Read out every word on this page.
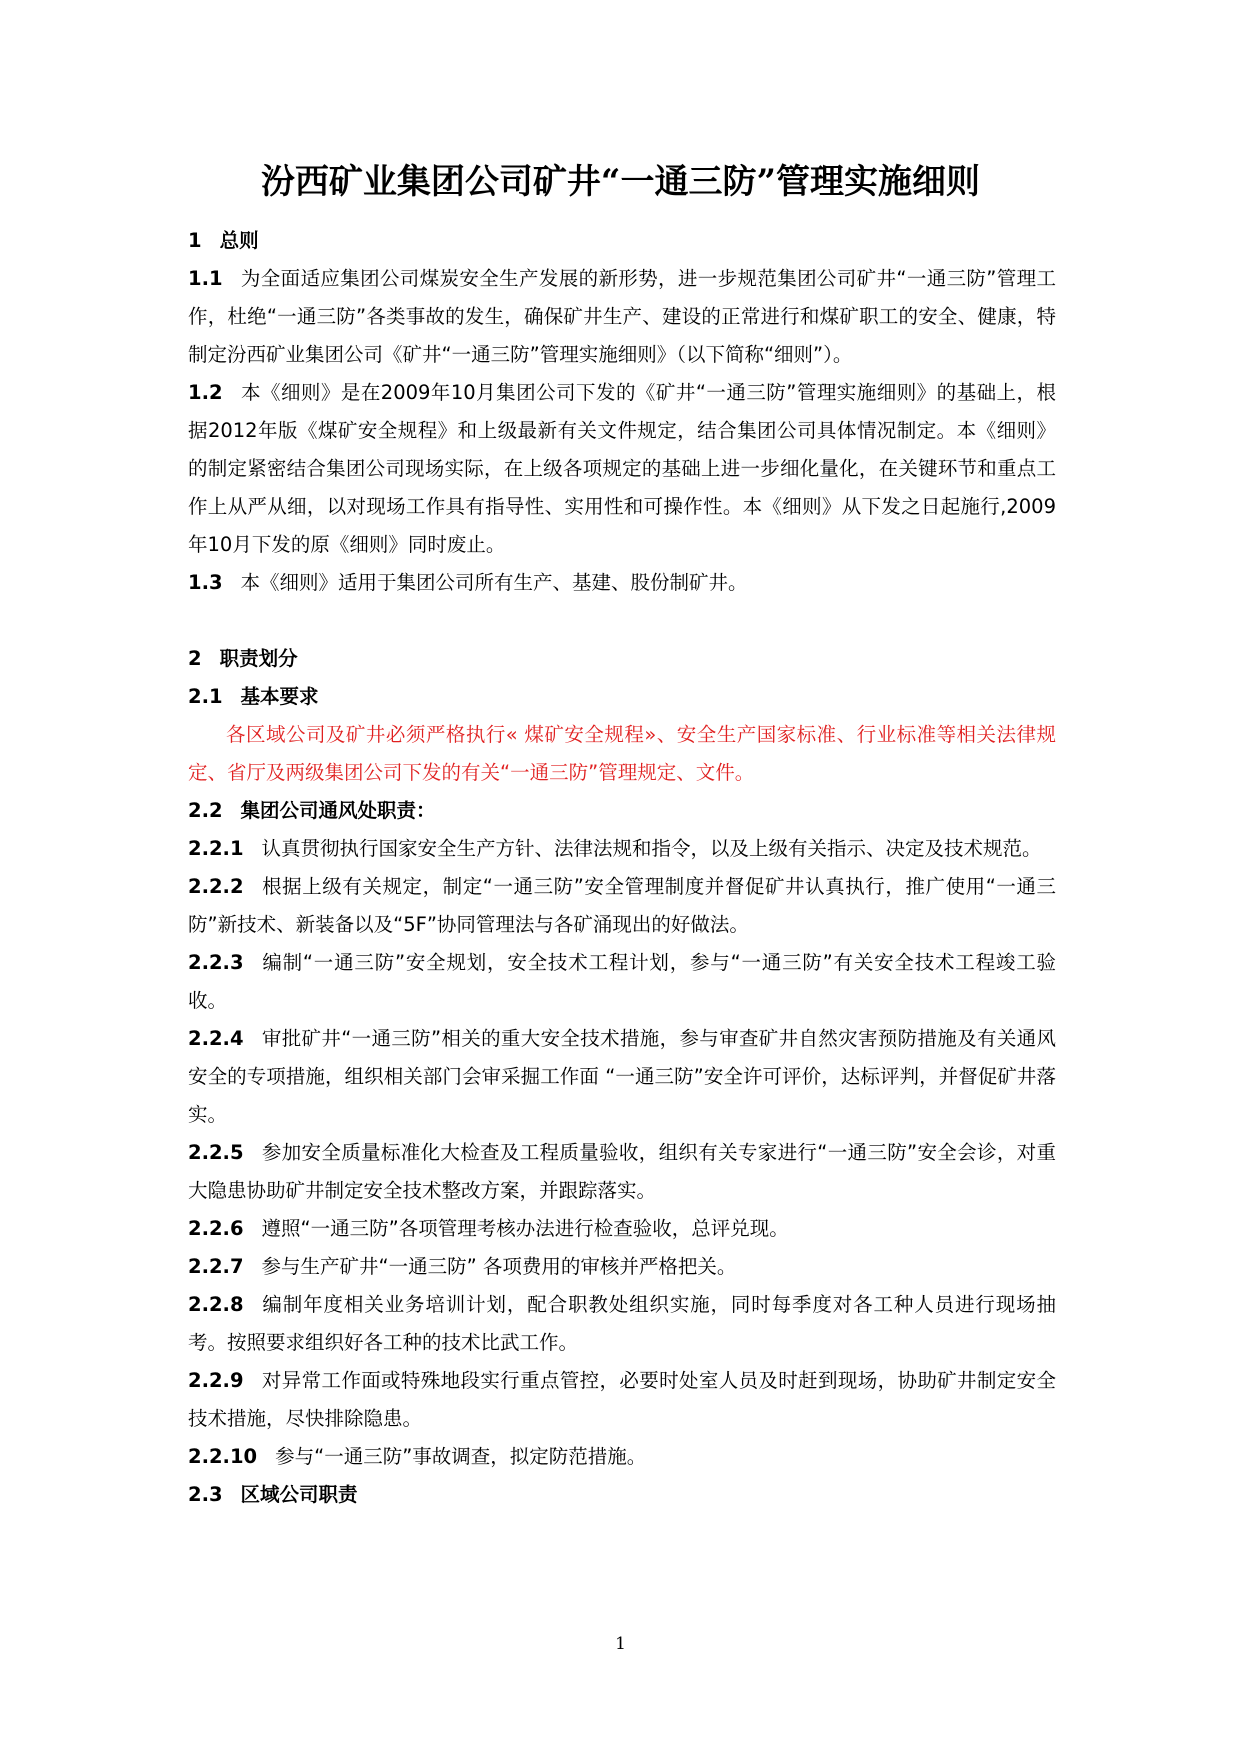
汾西矿业集团公司矿井“一通三防”管理实施细则

1 总则

1.1 为全面适应集团公司煤炭安全生产发展的新形势，进一步规范集团公司矿井“一通三防”管理工作，杜绝“一通三防”各类事故的发生，确保矿井生产、建设的正常进行和煤矿职工的安全、健康，特制定汾西矿业集团公司《矿井“一通三防”管理实施细则》（以下简称“细则”）。

1.2 本《细则》是在2009年10月集团公司下发的《矿井“一通三防”管理实施细则》的基础上，根据2012年版《煤矿安全规程》和上级最新有关文件规定，结合集团公司具体情况制定。本《细则》的制定紧密结合集团公司现场实际，在上级各项规定的基础上进一步细化量化，在关键环节和重点工作上从严从细，以对现场工作具有指导性、实用性和可操作性。本《细则》从下发之日起施行,2009年10月下发的原《细则》同时废止。

1.3 本《细则》适用于集团公司所有生产、基建、股份制矿井。

2 职责划分

2.1 基本要求

各区域公司及矿井必须严格执行« 煤矿安全规程»、安全生产国家标准、行业标准等相关法律规定、省厅及两级集团公司下发的有关“一通三防”管理规定、文件。

2.2 集团公司通风处职责：

2.2.1 认真贯彻执行国家安全生产方针、法律法规和指令，以及上级有关指示、决定及技术规范。

2.2.2 根据上级有关规定，制定“一通三防”安全管理制度并督促矿井认真执行，推广使用“一通三防”新技术、新装备以及“5F”协同管理法与各矿涌现出的好做法。

2.2.3 编制“一通三防”安全规划，安全技术工程计划，参与“一通三防”有关安全技术工程竣工验收。

2.2.4 审批矿井“一通三防”相关的重大安全技术措施，参与审查矿井自然灾害预防措施及有关通风安全的专项措施，组织相关部门会审采掘工作面 “一通三防”安全许可评价，达标评判，并督促矿井落实。

2.2.5 参加安全质量标准化大检查及工程质量验收，组织有关专家进行“一通三防”安全会诊，对重大隐患协助矿井制定安全技术整改方案，并跟踪落实。

2.2.6 遵照“一通三防”各项管理考核办法进行检查验收，总评兑现。

2.2.7 参与生产矿井“一通三防” 各项费用的审核并严格把关。

2.2.8 编制年度相关业务培训计划，配合职教处组织实施，同时每季度对各工种人员进行现场抽考。按照要求组织好各工种的技术比武工作。

2.2.9 对异常工作面或特殊地段实行重点管控，必要时处室人员及时赶到现场，协助矿井制定安全技术措施，尽快排除隐患。

2.2.10 参与“一通三防”事故调查，拟定防范措施。

2.3 区域公司职责

1
